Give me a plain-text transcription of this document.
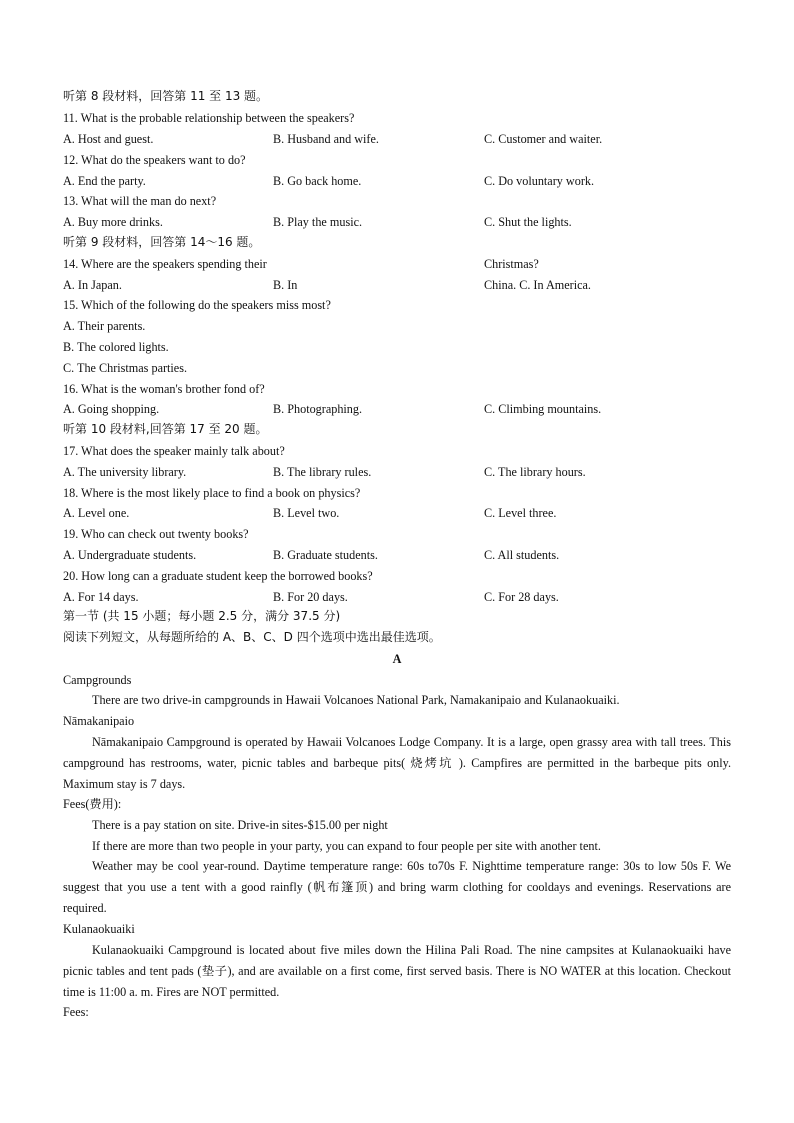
听第 8 段材料，回答第 11 至 13 题。
11. What is the probable relationship between the speakers?
A. Host and guest.	B. Husband and wife.	C. Customer and waiter.
12. What do the speakers want to do?
A. End the party.	B. Go back home.	C. Do voluntary work.
13. What will the man do next?
A. Buy more drinks.	B. Play the music.	C. Shut the lights.
听第 9 段材料，回答第 14～16 题。
14. Where are the speakers spending their	Christmas?
A. In Japan.	B. In	China. C. In America.
15. Which of the following do the speakers miss most?
A. Their parents.
B. The colored lights.
C. The Christmas parties.
16. What is the woman's brother fond of?
A. Going shopping.	B. Photographing.	C. Climbing mountains.
听第 10 段材料,回答第 17 至 20 题。
17. What does the speaker mainly talk about?
A. The university library.	B. The library rules.	C. The library hours.
18. Where is the most likely place to find a book on physics?
A. Level one.	B. Level two.	C. Level three.
19. Who can check out twenty books?
A. Undergraduate students.	B. Graduate students.	C. All students.
20. How long can a graduate student keep the borrowed books?
A. For 14 days.	B. For 20 days.	C. For 28 days.
第一节 (共 15 小题；每小题 2.5 分，满分 37.5 分)
阅读下列短文，从每题所给的 A、B、C、D 四个选项中选出最佳选项。
A
Campgrounds
There are two drive-in campgrounds in Hawaii Volcanoes National Park, Namakanipaio and Kulanaokuaiki.
Nāmakanipaio
Nāmakanipaio Campground is operated by Hawaii Volcanoes Lodge Company. It is a large, open grassy area with tall trees. This campground has restrooms, water, picnic tables and barbeque pits( 烧烤坑 ). Campfires are permitted in the barbeque pits only. Maximum stay is 7 days.
Fees(费用):
There is a pay station on site. Drive-in sites-$15.00 per night
If there are more than two people in your party, you can expand to four people per site with another tent.
Weather may be cool year-round. Daytime temperature range: 60s to70s F. Nighttime temperature range: 30s to low 50s F. We suggest that you use a tent with a good rainfly (帆布篷顶) and bring warm clothing for cooldays and evenings. Reservations are required.
Kulanaokuaiki
Kulanaokuaiki Campground is located about five miles down the Hilina Pali Road. The nine campsites at Kulanaokuaiki have picnic tables and tent pads (垫子), and are available on a first come, first served basis. There is NO WATER at this location. Checkout time is 11:00 a. m. Fires are NOT permitted.
Fees:
